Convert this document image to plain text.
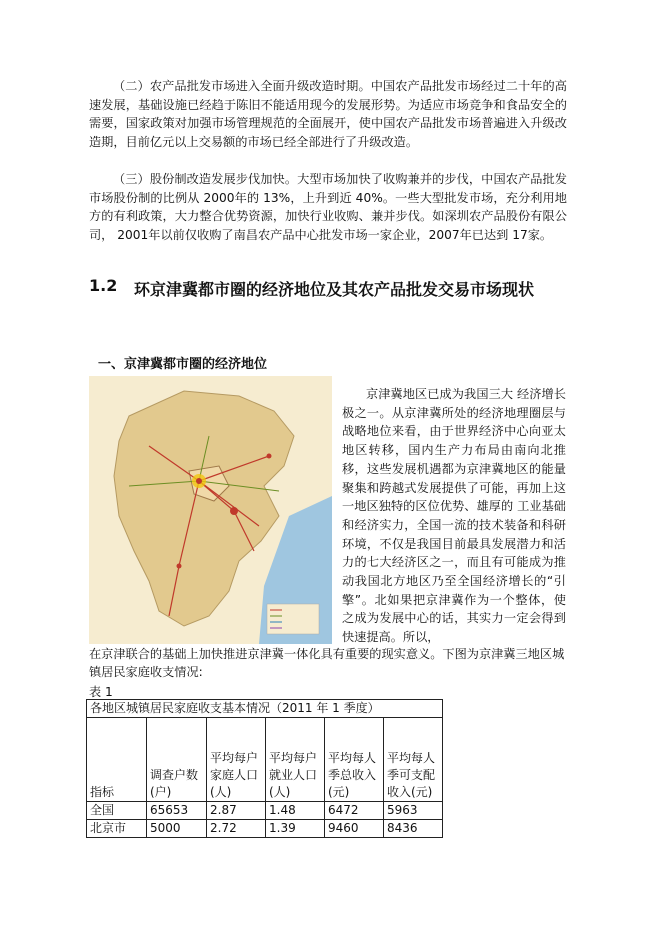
（二）农产品批发市场进入全面升级改造时期。中国农产品批发市场经过二十年的高速发展，基础设施已经趋于陈旧不能适用现今的发展形势。为适应市场竞争和食品安全的需要，国家政策对加强市场管理规范的全面展开，使中国农产品批发市场普遍进入升级改造期，目前亿元以上交易额的市场已经全部进行了升级改造。

（三）股份制改造发展步伐加快。大型市场加快了收购兼并的步伐，中国农产品批发市场股份制的比例从 2000年的 13%，上升到近 40%。一些大型批发市场，充分利用地方的有利政策，大力整合优势资源，加快行业收购、兼并步伐。如深圳农产品股份有限公司， 2001年以前仅收购了南昌农产品中心批发市场一家企业，2007年已达到 17家。

1.2 环京津冀都市圈的经济地位及其农产品批发交易市场现状
一、京津冀都市圈的经济地位

京津冀地区已成为我国三大 经济增长极之一。从京津冀所处的经济地理圈层与战略地位来看，由于世界经济中心向亚太地区转移，国内生产力布局由南向北推移，这些发展机遇都为京津冀地区的能量聚集和跨越式发展提供了可能，再加上这一地区独特的区位优势、雄厚的 工业基础和经济实力，全国一流的技术装备和科研环境，不仅是我国目前最具发展潜力和活力的七大经济区之一，而且有可能成为推动我国北方地区乃至全国经济增长的“引擎”。北如果把京津冀作为一个整体，使之成为发展中心的话，其实力一定会得到快速提高。所以，

在京津联合的基础上加快推进京津冀一体化具有重要的现实意义。下图为京津冀三地区城镇居民家庭收支情况:

表 1
各地区城镇居民家庭收支基本情况（2011 年 1 季度）					
指标	调查户数(户)	平均每户家庭人口(人)	平均每户就业人口(人)	平均每人季总收入(元)	平均每人季可支配收入(元)
全国	65653	2.87	1.48	6472	5963
北京市	5000	2.72	1.39	9460	8436
